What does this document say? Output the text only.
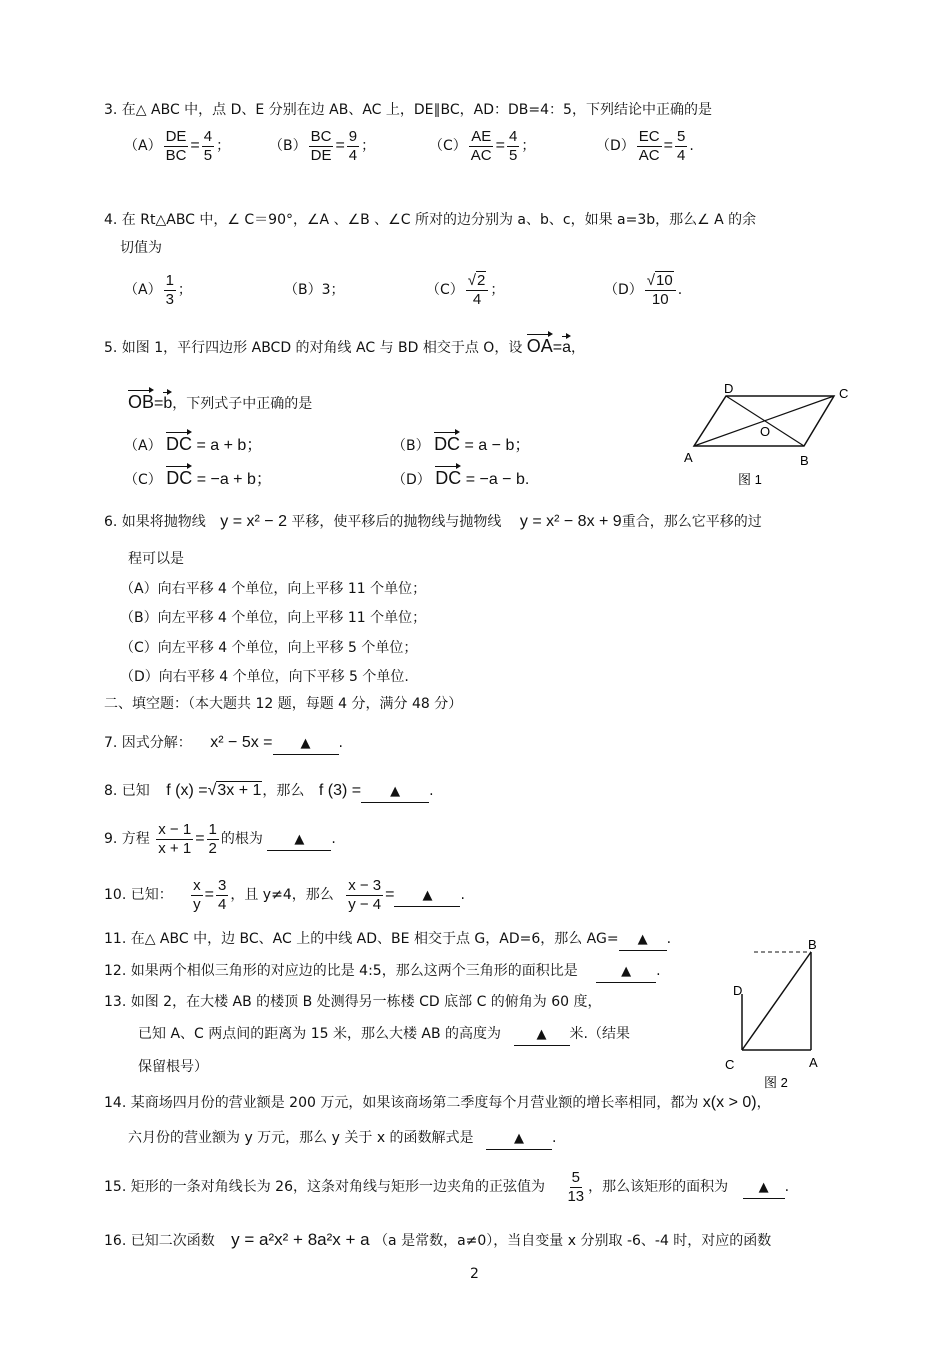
3. 在△ ABC 中，点 D、E 分别在边 AB、AC 上，DE∥BC，AD：DB=4：5，下列结论中正确的是
$(A) \frac{DE}{BC} = \frac{4}{5}$ ；	$(B) \frac{BC}{DE} = \frac{9}{4}$ ；	$(C) \frac{AE}{AC} = \frac{4}{5}$ ；	$(D) \frac{EC}{AC} = \frac{5}{4}$ .
4. 在 Rt△ABC 中，∠ C＝90°，∠A 、∠B 、∠C 所对的边分别为 a、b、c，如果 a=3b，那么∠ A 的余
切值为
$(A) \frac{1}{3}$ ；	（B）3；	$(C) \frac{√2}{4}$ ；	$(D) \frac{√10}{10}$ .
5. 如图 1，平行四边形 ABCD 的对角线 AC 与 BD 相交于点 O，设 OA=a，
OB=b，下列式子中正确的是
（A） DC = a + b；	（B） DC = a − b；
（C） DC = −a + b；	（D） DC = −a − b.
D	C
O
A	B
图 1
6. 如果将抛物线 y = x² − 2 平移，使平移后的抛物线与抛物线 y = x² − 8x + 9重合，那么它平移的过
程可以是
（A）向右平移 4 个单位，向上平移 11 个单位；
（B）向左平移 4 个单位，向上平移 11 个单位；
（C）向左平移 4 个单位，向上平移 5 个单位；
（D）向右平移 4 个单位，向下平移 5 个单位.
二、填空题：（本大题共 12 题，每题 4 分，满分 48 分）
7. 因式分解： x² − 5x = ▲ .
8. 已知 f (x) =√3x + 1，那么 f (3) = ▲ .
9. 方程 $\frac{x - 1}{x + 1} = \frac{1}{2}$ 的根为 ▲ .
10. 已知： $\frac{x}{y} = \frac{3}{4}$ ，且 y≠4，那么 $\frac{x - 3}{y - 4}$ = ▲ .
11. 在△ ABC 中，边 BC、AC 上的中线 AD、BE 相交于点 G，AD=6，那么 AG= ▲ .
12. 如果两个相似三角形的对应边的比是 4:5，那么这两个三角形的面积比是	▲ .
13. 如图 2，在大楼 AB 的楼顶 B 处测得另一栋楼 CD 底部 C 的俯角为 60 度，
已知 A、C 两点间的距离为 15 米，那么大楼 AB 的高度为	▲ 米.（结果
保留根号）
B
D
C	A
图 2
14. 某商场四月份的营业额是 200 万元，如果该商场第二季度每个月营业额的增长率相同，都为 x(x > 0)，
六月份的营业额为 y 万元，那么 y 关于 x 的函数解式是	▲ .
15. 矩形的一条对角线长为 26，这条对角线与矩形一边夹角的正弦值为 $\frac{5}{13}$ ，那么该矩形的面积为 ▲ .
16. 已知二次函数 y = a²x² + 8a²x + a （a 是常数，a≠0），当自变量 x 分别取 -6、-4 时，对应的函数
2
